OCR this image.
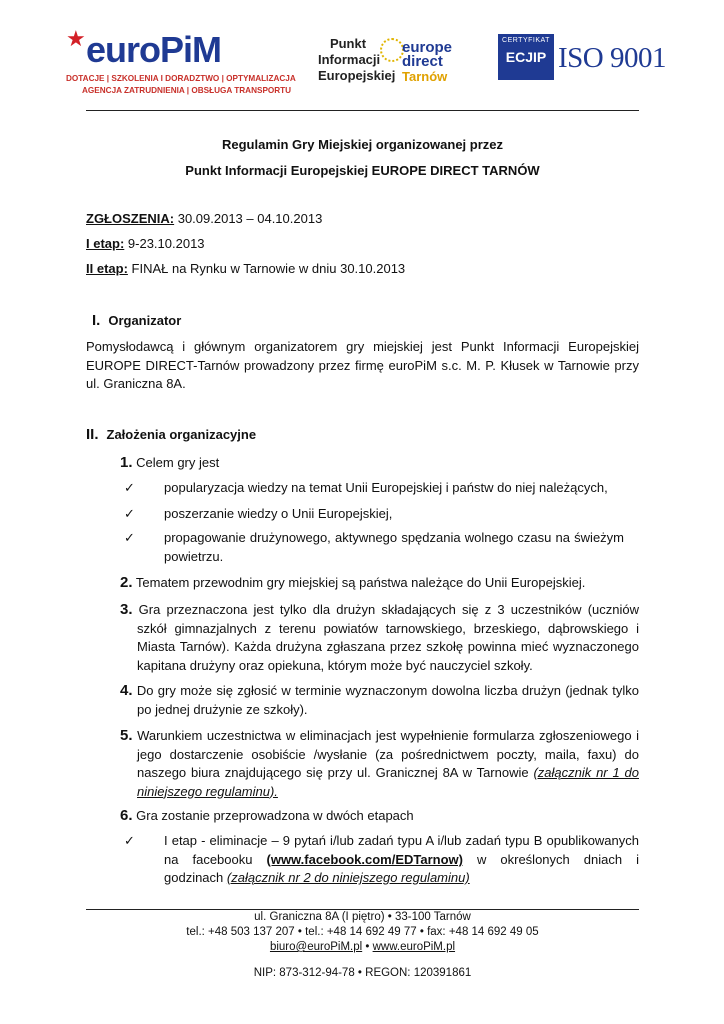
★ euroPiM
DOTACJE | SZKOLENIA I DORADZTWO | OPTYMALIZACJA
AGENCJA ZATRUDNIENIA | OBSŁUGA TRANSPORTU
Punkt
Informacji
Europejskiej
europe
direct
Tarnów
CERTYFIKAT
ECJIP ISO 9001
Regulamin Gry Miejskiej organizowanej przez
Punkt Informacji Europejskiej EUROPE DIRECT TARNÓW
ZGŁOSZENIA: 30.09.2013 – 04.10.2013
I etap: 9-23.10.2013
II etap: FINAŁ na Rynku w Tarnowie w dniu 30.10.2013
I. Organizator
Pomysłodawcą i głównym organizatorem gry miejskiej jest Punkt Informacji Europejskiej EUROPE DIRECT-Tarnów prowadzony przez firmę euroPiM s.c. M. P. Kłusek w Tarnowie przy ul. Graniczna 8A.
II. Założenia organizacyjne
1. Celem gry jest
✓ popularyzacja wiedzy na temat Unii Europejskiej i państw do niej należących,
✓ poszerzanie wiedzy o Unii Europejskiej,
✓ propagowanie drużynowego, aktywnego spędzania wolnego czasu na świeżym powietrzu.
2. Tematem przewodnim gry miejskiej są państwa należące do Unii Europejskiej.
3. Gra przeznaczona jest tylko dla drużyn składających się z 3 uczestników (uczniów szkół gimnazjalnych z terenu powiatów tarnowskiego, brzeskiego, dąbrowskiego i Miasta Tarnów). Każda drużyna zgłaszana przez szkołę powinna mieć wyznaczonego kapitana drużyny oraz opiekuna, którym może być nauczyciel szkoły.
4. Do gry może się zgłosić w terminie wyznaczonym dowolna liczba drużyn (jednak tylko po jednej drużynie ze szkoły).
5. Warunkiem uczestnictwa w eliminacjach jest wypełnienie formularza zgłoszeniowego i jego dostarczenie osobiście /wysłanie (za pośrednictwem poczty, maila, faxu) do naszego biura znajdującego się przy ul. Granicznej 8A w Tarnowie (załącznik nr 1 do niniejszego regulaminu).
6. Gra zostanie przeprowadzona w dwóch etapach
✓ I etap - eliminacje – 9 pytań i/lub zadań typu A i/lub zadań typu B opublikowanych na facebooku (www.facebook.com/EDTarnow) w określonych dniach i godzinach (załącznik nr 2 do niniejszego regulaminu)
ul. Graniczna 8A (I piętro) • 33-100 Tarnów
tel.: +48 503 137 207 • tel.: +48 14 692 49 77 • fax: +48 14 692 49 05
biuro@euroPiM.pl • www.euroPiM.pl
NIP: 873-312-94-78 • REGON: 120391861
